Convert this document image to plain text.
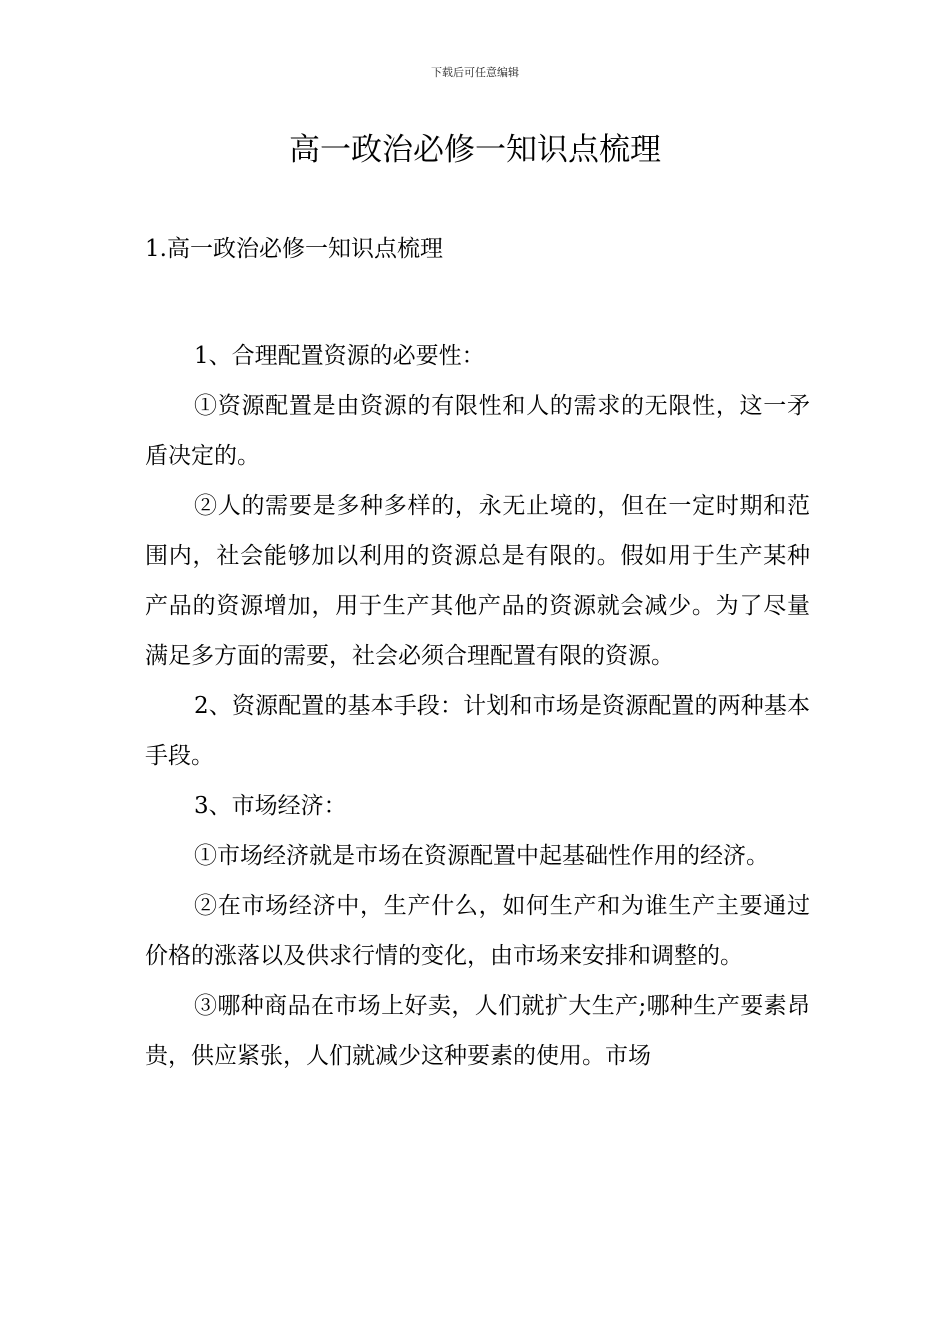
下载后可任意编辑
高一政治必修一知识点梳理

1.高一政治必修一知识点梳理

1、合理配置资源的必要性：

①资源配置是由资源的有限性和人的需求的无限性，这一矛盾决定的。

②人的需要是多种多样的，永无止境的，但在一定时期和范围内，社会能够加以利用的资源总是有限的。假如用于生产某种产品的资源增加，用于生产其他产品的资源就会减少。为了尽量满足多方面的需要，社会必须合理配置有限的资源。

2、资源配置的基本手段：计划和市场是资源配置的两种基本手段。

3、市场经济：

①市场经济就是市场在资源配置中起基础性作用的经济。

②在市场经济中，生产什么，如何生产和为谁生产主要通过价格的涨落以及供求行情的变化，由市场来安排和调整的。

③哪种商品在市场上好卖，人们就扩大生产;哪种生产要素昂贵，供应紧张，人们就减少这种要素的使用。市场
